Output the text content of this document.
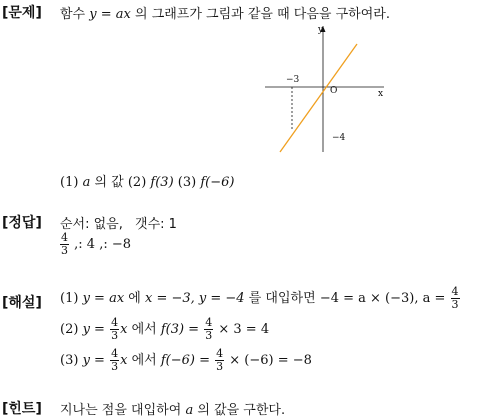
[문제] 함수 y = ax 의 그래프가 그림과 같을 때 다음을 구하여라.
y
x
O
−3
−4
(1) a 의 값 (2) f(3) (3) f(−6)
[정답] 순서: 없음, 갯수: 1
$\frac{4}{3}$ ,: 4 ,: −8
[해설] (1) y = ax 에 x = −3, y = −4 를 대입하면 −4 = a × (−3), $a = \frac{4}{3}$
(2) $y = \frac{4}{3}$ x 에서 $f(3) = \frac{4}{3} \times 3 = 4$
(3) $y = \frac{4}{3}$ x 에서 $f(-6) = \frac{4}{3} \times (-6) = -8$
[힌트] 지나는 점을 대입하여 a 의 값을 구한다.
